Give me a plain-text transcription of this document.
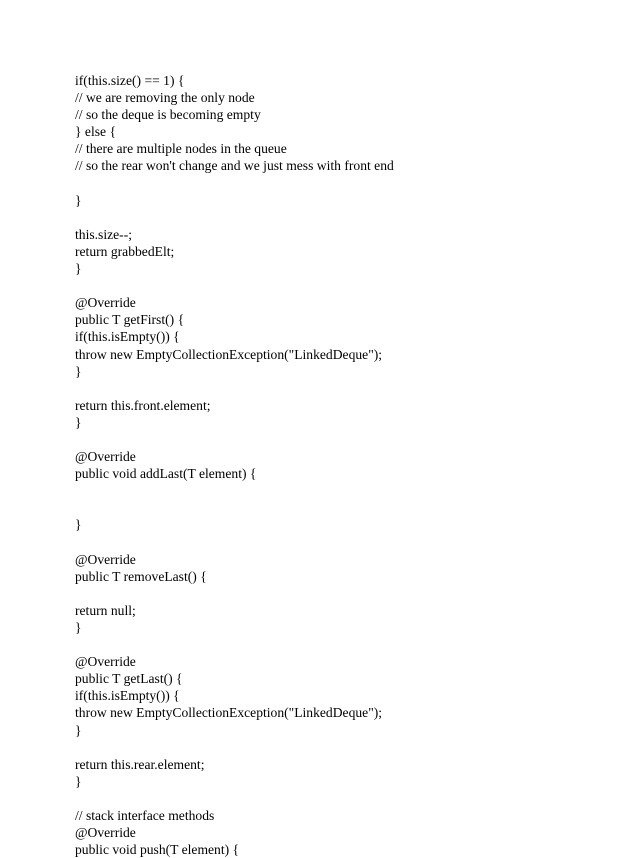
if(this.size() == 1) {
// we are removing the only node
// so the deque is becoming empty
} else {
// there are multiple nodes in the queue
// so the rear won't change and we just mess with front end
}
this.size--;
return grabbedElt;
}
@Override
public T getFirst() {
if(this.isEmpty()) {
throw new EmptyCollectionException("LinkedDeque");
}
return this.front.element;
}
@Override
public void addLast(T element) {
}
@Override
public T removeLast() {
return null;
}
@Override
public T getLast() {
if(this.isEmpty()) {
throw new EmptyCollectionException("LinkedDeque");
}
return this.rear.element;
}
// stack interface methods
@Override
public void push(T element) {
